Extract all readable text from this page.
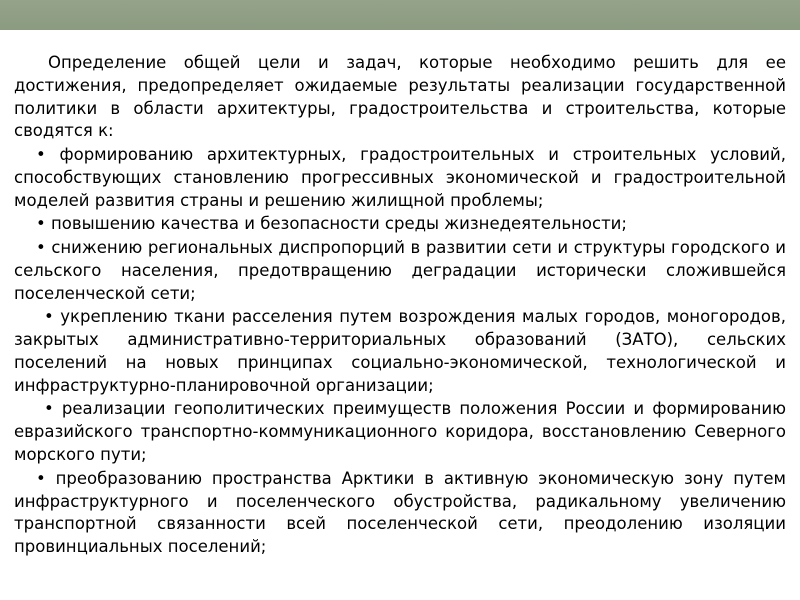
Определение общей цели и задач, которые необходимо решить для ее достижения, предопределяет ожидаемые результаты реализации государственной политики в области архитектуры, градостроительства и строительства, которые сводятся к:

• формированию архитектурных, градостроительных и строительных условий, способствующих становлению прогрессивных экономической и градостроительной моделей развития страны и решению жилищной проблемы;

• повышению качества и безопасности среды жизнедеятельности;

• снижению региональных диспропорций в развитии сети и структуры городского и сельского населения, предотвращению деградации исторически сложившейся поселенческой сети;

• укреплению ткани расселения путем возрождения малых городов, моногородов, закрытых административно-территориальных образований (ЗАТО), сельских поселений на новых принципах социально-экономической, технологической и инфраструктурно-планировочной организации;

• реализации геополитических преимуществ положения России и формированию евразийского транспортно-коммуникационного коридора, восстановлению Северного морского пути;

• преобразованию пространства Арктики в активную экономическую зону путем инфраструктурного и поселенческого обустройства, радикальному увеличению транспортной связанности всей поселенческой сети, преодолению изоляции провинциальных поселений;
